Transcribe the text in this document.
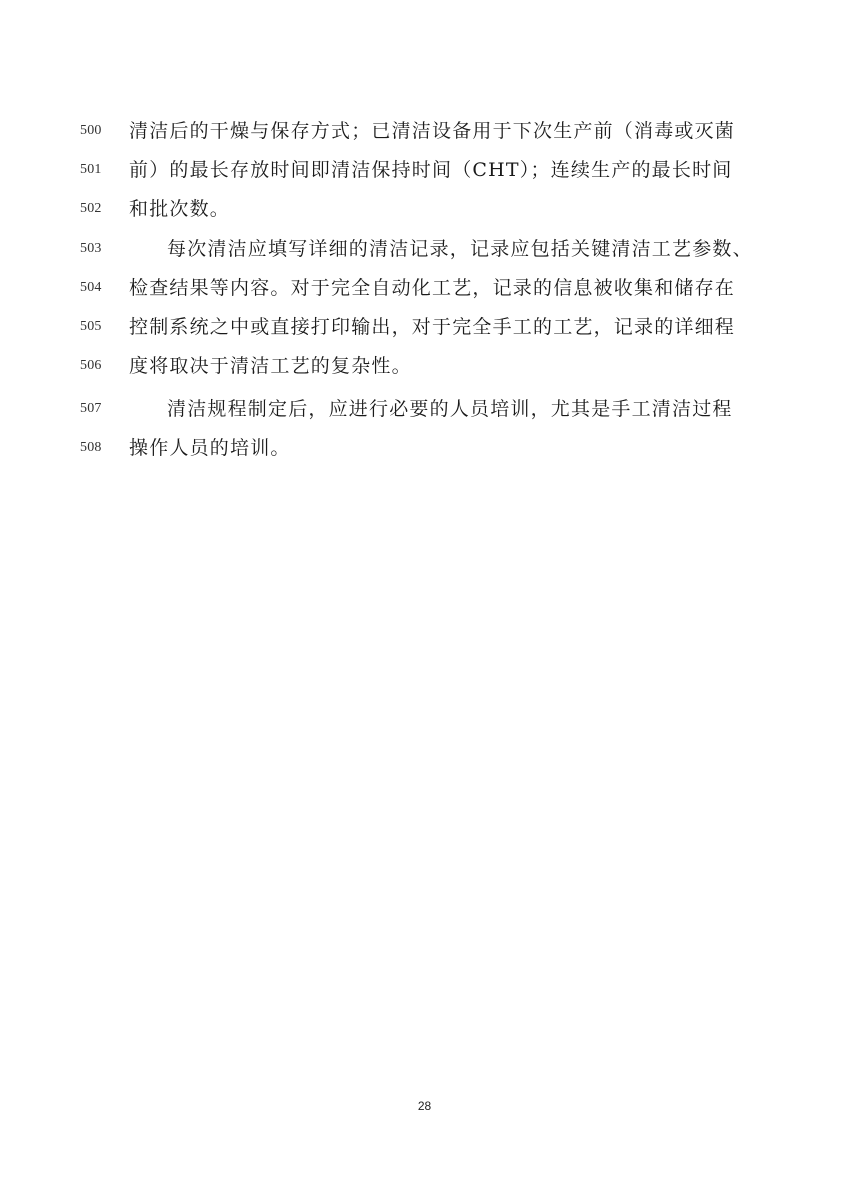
500 清洁后的干燥与保存方式；已清洁设备用于下次生产前（消毒或灭菌
501 前）的最长存放时间即清洁保持时间（CHT）；连续生产的最长时间
502 和批次数。
503	每次清洁应填写详细的清洁记录，记录应包括关键清洁工艺参数、
504 检查结果等内容。对于完全自动化工艺，记录的信息被收集和储存在
505 控制系统之中或直接打印输出，对于完全手工的工艺，记录的详细程
506 度将取决于清洁工艺的复杂性。
507	清洁规程制定后，应进行必要的人员培训，尤其是手工清洁过程
508 操作人员的培训。
28
